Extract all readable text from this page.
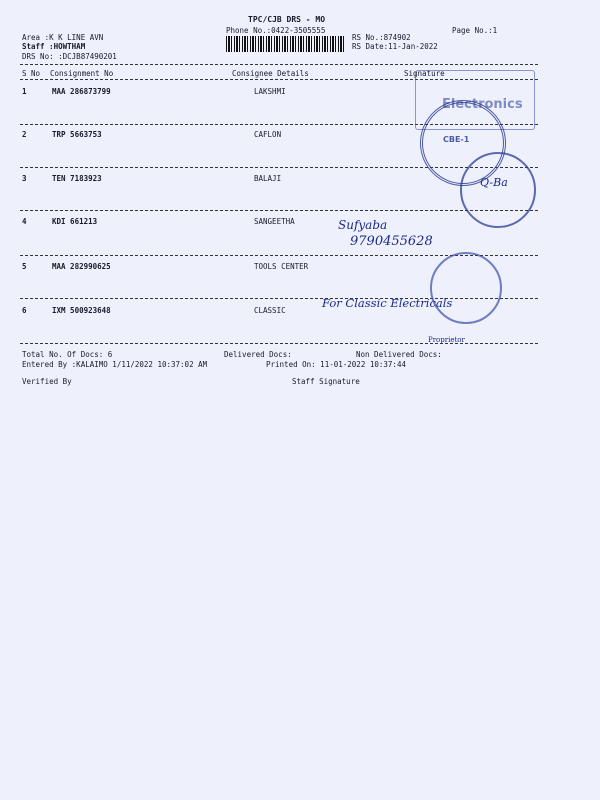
TPC/CJB DRS - MO
Phone No.:0422-3505555	Page No.:1
Area :K K LINE AVN
Staff :HOWTHAM
DRS No: :DCJB87490201
RS No.:874902
RS Date:11-Jan-2022
S No Consignment No	Consignee Details	Signature
1	MAA 286873799	LAKSHMI
2	TRP 5663753	CAFLON
3	TEN 7183923	BALAJI
4	KDI 661213	SANGEETHA
5	MAA 282990625	TOOLS CENTER
6	IXM 500923648	CLASSIC
Electronics
CBE-1
Q-Ba
Sufyaba
9790455628
For Classic Electricals
Proprietor
Total No. Of Docs: 6	Delivered Docs:	Non Delivered Docs:
Entered By :KALAIMO 1/11/2022 10:37:02 AM	Printed On: 11-01-2022 10:37:44
Verified By	Staff Signature
